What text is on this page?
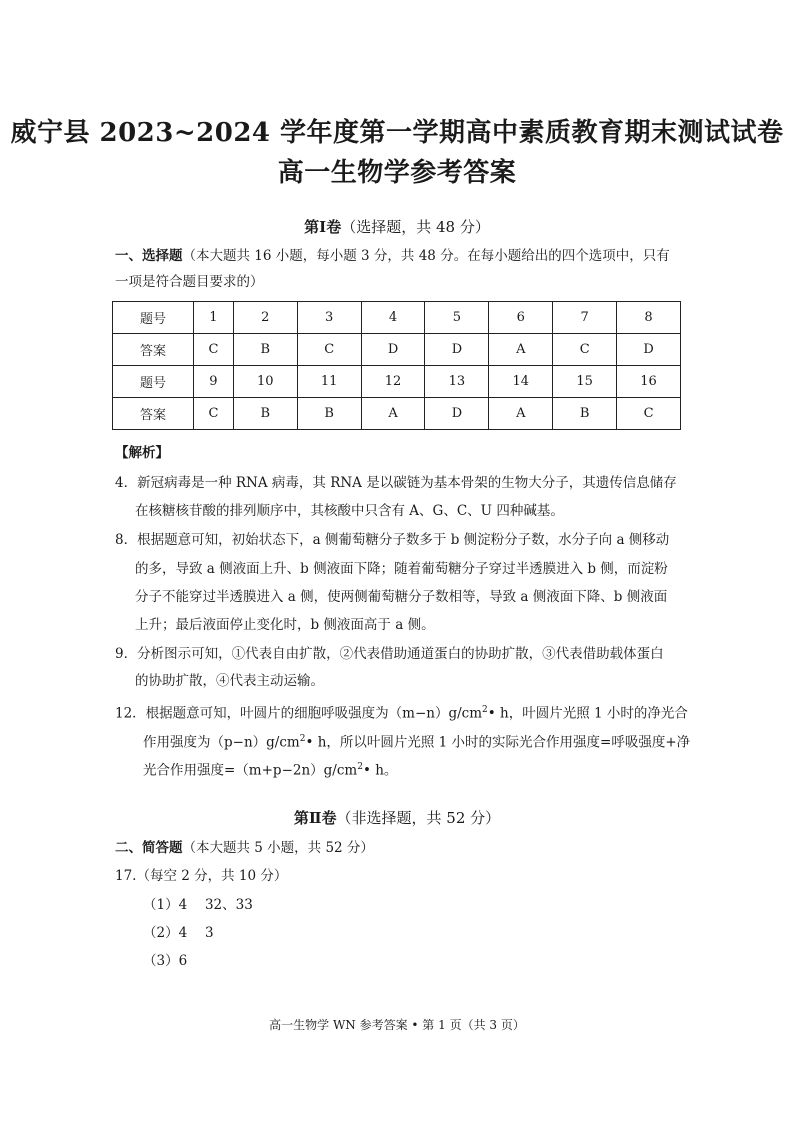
威宁县 2023~2024 学年度第一学期高中素质教育期末测试试卷
高一生物学参考答案
第Ⅰ卷（选择题，共 48 分）
一、选择题（本大题共 16 小题，每小题 3 分，共 48 分。在每小题给出的四个选项中，只有
一项是符合题目要求的）
题号	1	2	3	4	5	6	7	8
答案	C	B	C	D	D	A	C	D
题号	9	10	11	12	13	14	15	16
答案	C	B	B	A	D	A	B	C
【解析】
4．新冠病毒是一种 RNA 病毒，其 RNA 是以碳链为基本骨架的生物大分子，其遗传信息储存
在核糖核苷酸的排列顺序中，其核酸中只含有 A、G、C、U 四种碱基。
8．根据题意可知，初始状态下，a 侧葡萄糖分子数多于 b 侧淀粉分子数，水分子向 a 侧移动
的多，导致 a 侧液面上升、b 侧液面下降；随着葡萄糖分子穿过半透膜进入 b 侧，而淀粉
分子不能穿过半透膜进入 a 侧，使两侧葡萄糖分子数相等，导致 a 侧液面下降、b 侧液面
上升；最后液面停止变化时，b 侧液面高于 a 侧。
9．分析图示可知，①代表自由扩散，②代表借助通道蛋白的协助扩散，③代表借助载体蛋白
的协助扩散，④代表主动运输。
12．根据题意可知，叶圆片的细胞呼吸强度为$(m-n)g/cm^2•$ h，叶圆片光照 1 小时的净光合
作用强度为$(p-n)g/cm^2•$ h，所以叶圆片光照 1 小时的实际光合作用强度=呼吸强度+净
光合作用强度$=(m+p-2n)g/cm^2•$ h。
第Ⅱ卷（非选择题，共 52 分）
二、简答题（本大题共 5 小题，共 52 分）
17.（每空 2 分，共 10 分）
（1）4　 32、33
（2）4　 3
（3）6
高一生物学 WN 参考答案 • 第 1 页（共 3 页）
